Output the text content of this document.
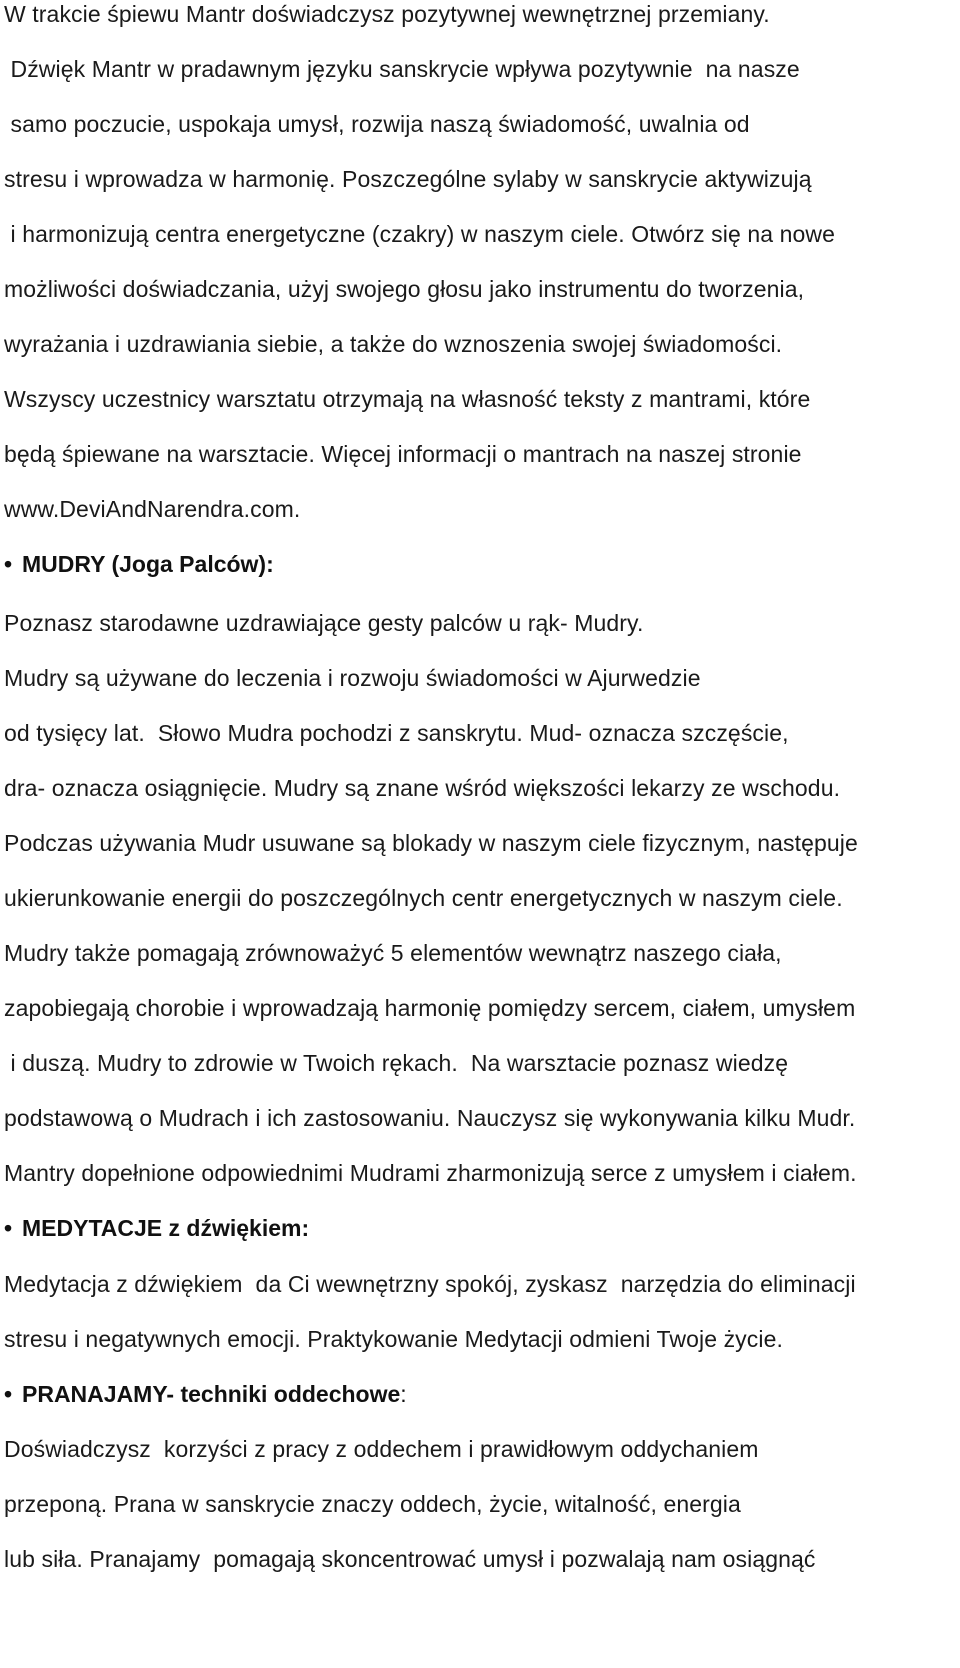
W trakcie śpiewu Mantr doświadczysz pozytywnej wewnętrznej przemiany.
Dźwięk Mantr w pradawnym języku sanskrycie wpływa pozytywnie  na nasze
samo poczucie, uspokaja umysł, rozwija naszą świadomość, uwalnia od
stresu i wprowadza w harmonię. Poszczególne sylaby w sanskrycie aktywizują
i harmonizują centra energetyczne (czakry) w naszym ciele. Otwórz się na nowe
możliwości doświadczania, użyj swojego głosu jako instrumentu do tworzenia,
wyrażania i uzdrawiania siebie, a także do wznoszenia swojej świadomości.
Wszyscy uczestnicy warsztatu otrzymają na własność teksty z mantrami, które
będą śpiewane na warsztacie. Więcej informacji o mantrach na naszej stronie
www.DeviAndNarendra.com.
• MUDRY (Joga Palców):
Poznasz starodawne uzdrawiające gesty palców u rąk- Mudry.
Mudry są używane do leczenia i rozwoju świadomości w Ajurwedzie
od tysięcy lat.  Słowo Mudra pochodzi z sanskrytu. Mud- oznacza szczęście,
dra- oznacza osiągnięcie. Mudry są znane wśród większości lekarzy ze wschodu.
Podczas używania Mudr usuwane są blokady w naszym ciele fizycznym, następuje
ukierunkowanie energii do poszczególnych centr energetycznych w naszym ciele.
Mudry także pomagają zrównoważyć 5 elementów wewnątrz naszego ciała,
zapobiegają chorobie i wprowadzają harmonię pomiędzy sercem, ciałem, umysłem
i duszą. Mudry to zdrowie w Twoich rękach.  Na warsztacie poznasz wiedzę
podstawową o Mudrach i ich zastosowaniu. Nauczysz się wykonywania kilku Mudr.
Mantry dopełnione odpowiednimi Mudrami zharmonizują serce z umysłem i ciałem.
• MEDYTACJE z dźwiękiem:
Medytacja z dźwiękiem  da Ci wewnętrzny spokój, zyskasz  narzędzia do eliminacji
stresu i negatywnych emocji. Praktykowanie Medytacji odmieni Twoje życie.
• PRANAJAMY- techniki oddechowe :
Doświadczysz  korzyści z pracy z oddechem i prawidłowym oddychaniem
przeponą. Prana w sanskrycie znaczy oddech, życie, witalność, energia
lub siła. Pranajamy  pomagają skoncentrować umysł i pozwalają nam osiągnąć
